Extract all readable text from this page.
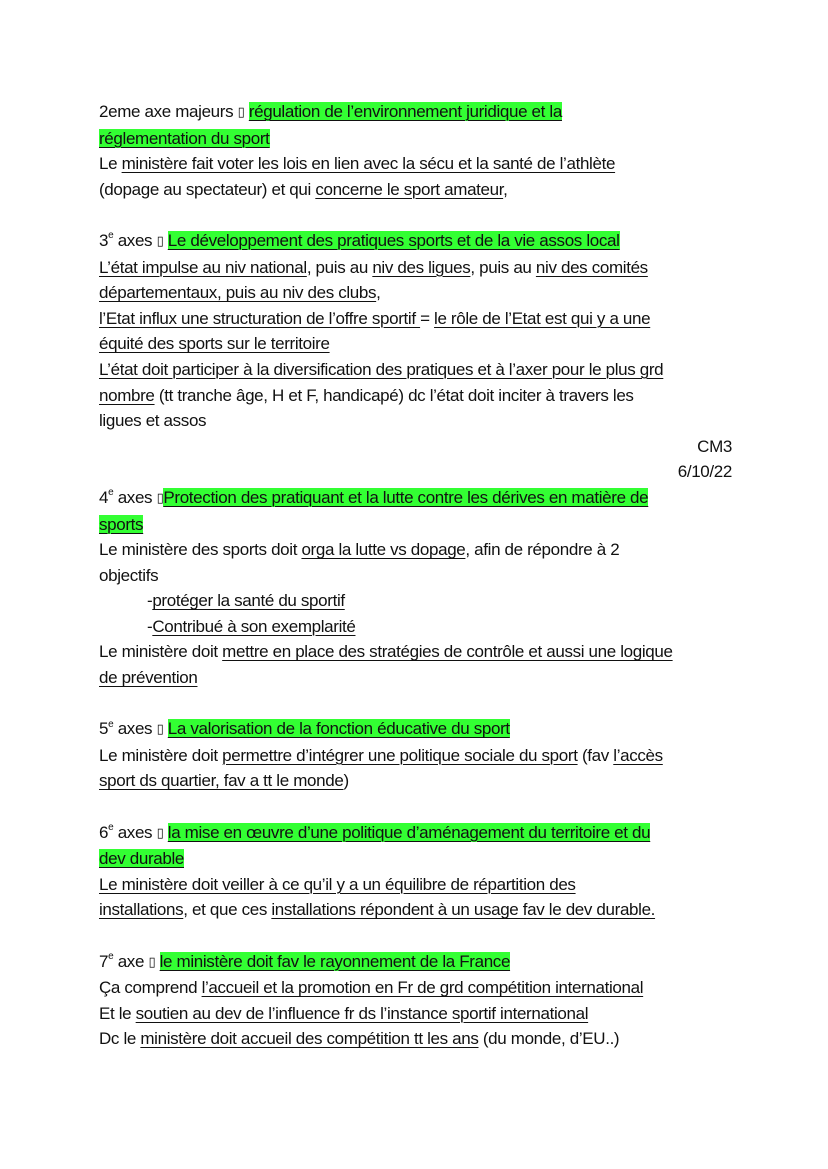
2eme axe majeurs ▯ régulation de l’environnement juridique et la

réglementation du sport

Le ministère fait voter les lois en lien avec la sécu et la santé de l’athlète

(dopage au spectateur) et qui concerne le sport amateur,

3e axes ▯ Le développement des pratiques sports et de la vie assos local

L’état impulse au niv national, puis au niv des ligues, puis au niv des comités

départementaux, puis au niv des clubs,

l’Etat influx une structuration de l’offre sportif = le rôle de l’Etat est qui y a une

équité des sports sur le territoire

L’état doit participer à la diversification des pratiques et à l’axer pour le plus grd

nombre (tt tranche âge, H et F, handicapé) dc l’état doit inciter à travers les

ligues et assos

CM3

6/10/22

4e axes ▯Protection des pratiquant et la lutte contre les dérives en matière de

sports

Le ministère des sports doit orga la lutte vs dopage, afin de répondre à 2

objectifs

-protéger la santé du sportif

-Contribué à son exemplarité

Le ministère doit mettre en place des stratégies de contrôle et aussi une logique

de prévention

5e axes ▯ La valorisation de la fonction éducative du sport

Le ministère doit permettre d’intégrer une politique sociale du sport (fav l’accès

sport ds quartier, fav a tt le monde)

6e axes ▯ la mise en œuvre d’une politique d’aménagement du territoire et du

dev durable

Le ministère doit veiller à ce qu’il y a un équilibre de répartition des

installations, et que ces installations répondent à un usage fav le dev durable.

7e axe ▯ le ministère doit fav le rayonnement de la France

Ça comprend l’accueil et la promotion en Fr de grd compétition international

Et le soutien au dev de l’influence fr ds l’instance sportif international

Dc le ministère doit accueil des compétition tt les ans (du monde, d’EU..)
